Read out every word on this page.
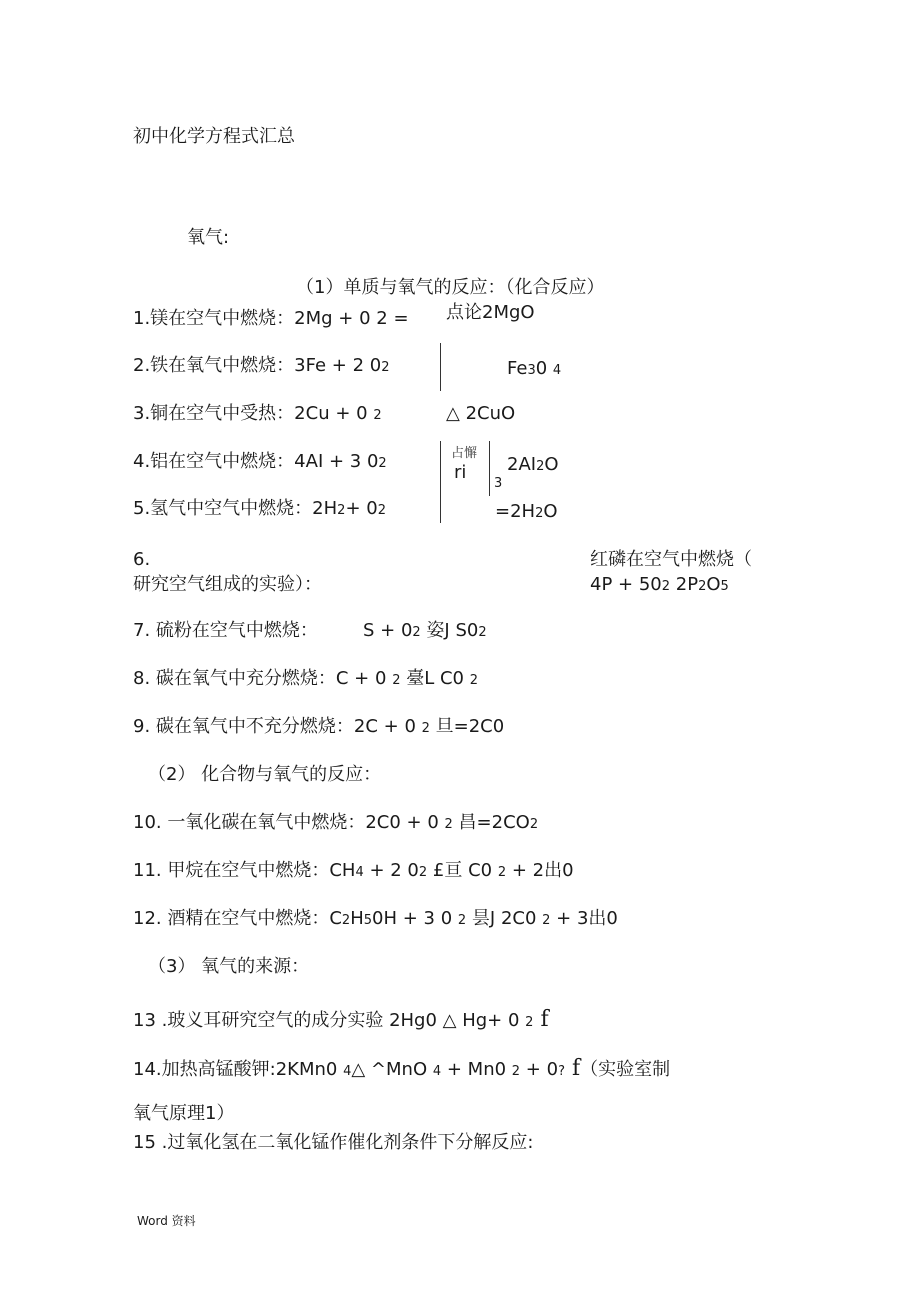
初中化学方程式汇总
氧气:
（1）单质与氧气的反应：（化合反应）
1.镁在空气中燃烧：2Mg + 0 2 = 点论2MgO
2.铁在氧气中燃烧：3Fe + 2 02	Fe30 4
3.铜在空气中受热：2Cu + 0 2	△ 2CuO
4.铝在空气中燃烧：4AI + 3 02
占懈
ri
3
2AI2O
5.氢气中空气中燃烧：2H2+ 02	=2H2O
6.
研究空气组成的实验）：
红磷在空气中燃烧（
4P + 502 2P2O5
7. 硫粉在空气中燃烧：	S + 02 姿J S02
8. 碳在氧气中充分燃烧：C + 0 2 臺L C0 2
9. 碳在氧气中不充分燃烧：2C + 0 2 旦=2C0
（2） 化合物与氧气的反应：
10. 一氧化碳在氧气中燃烧：2C0 + 0 2 昌=2CO2
11. 甲烷在空气中燃烧：CH4 + 2 02 £亘 C0 2 + 2出0
12. 酒精在空气中燃烧：C2H50H + 3 0 2 昙J 2C0 2 + 3出0
（3） 氧气的来源：
13 .玻义耳研究空气的成分实验 2Hg0 △ Hg+ 0 2 f
14.加热高锰酸钾:2KMn0 4△ ^MnO 4 + Mn0 2 + 0? f（实验室制
氧气原理1）
15 .过氧化氢在二氧化锰作催化剂条件下分解反应:
Word 资料
